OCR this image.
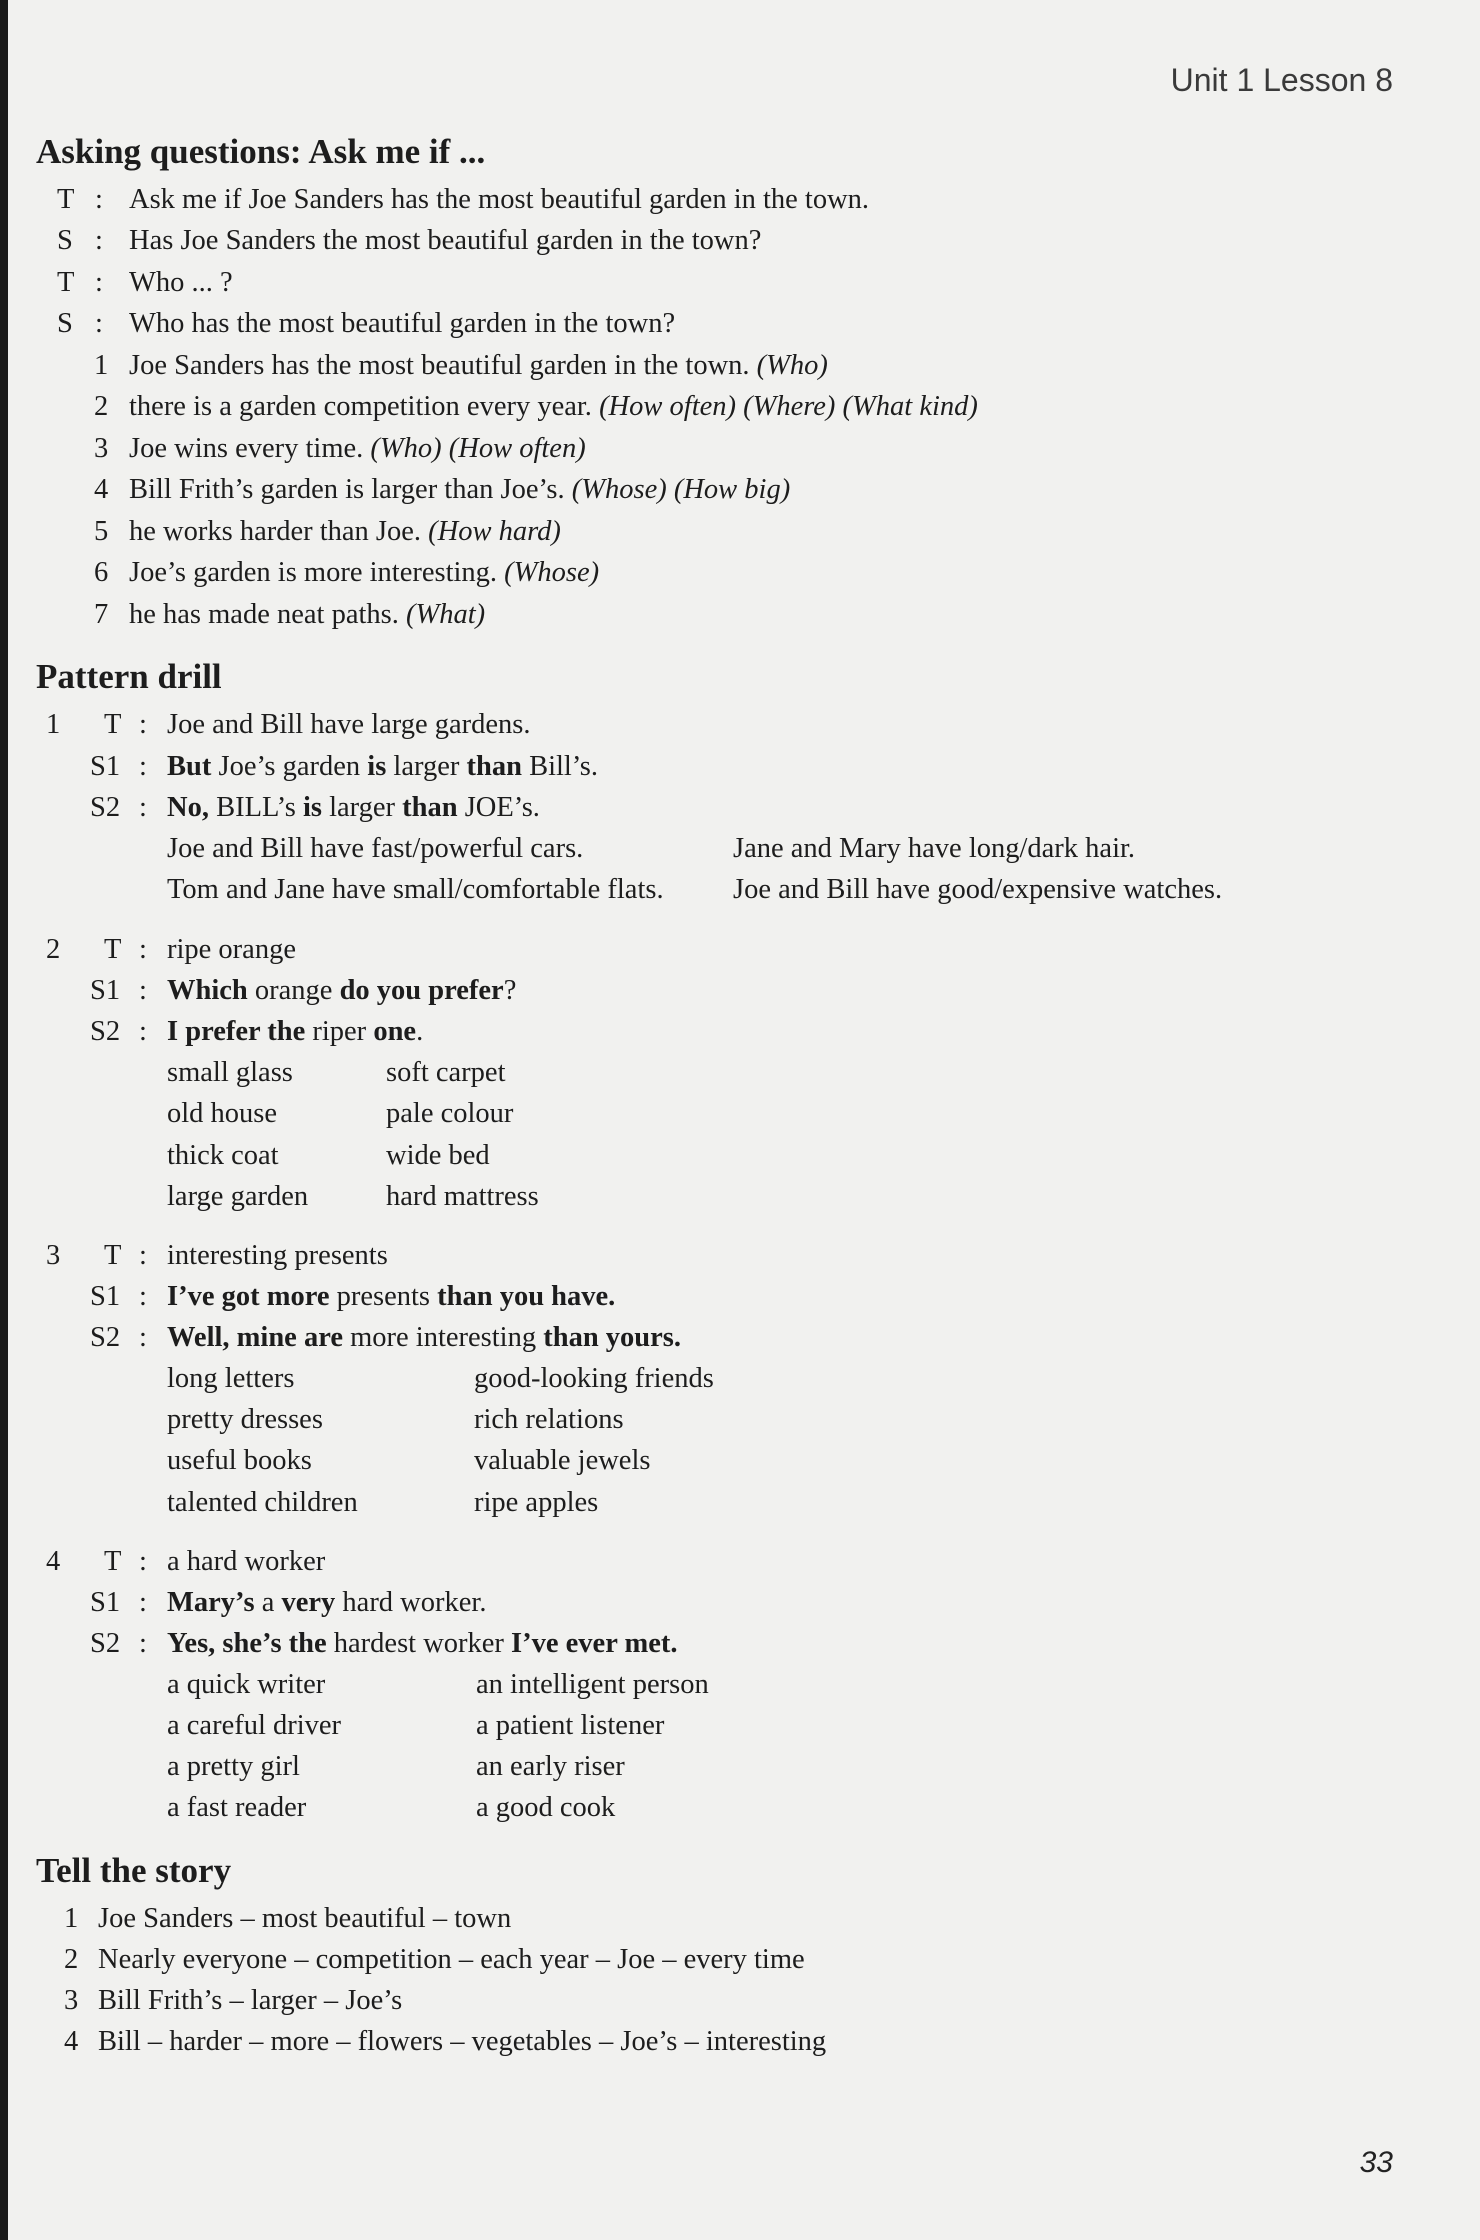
Unit 1 Lesson 8
Asking questions: Ask me if ...
T : Ask me if Joe Sanders has the most beautiful garden in the town.
S : Has Joe Sanders the most beautiful garden in the town?
T : Who ... ?
S : Who has the most beautiful garden in the town?
1 Joe Sanders has the most beautiful garden in the town. (Who)
2 there is a garden competition every year. (How often) (Where) (What kind)
3 Joe wins every time. (Who) (How often)
4 Bill Frith’s garden is larger than Joe’s. (Whose) (How big)
5 he works harder than Joe. (How hard)
6 Joe’s garden is more interesting. (Whose)
7 he has made neat paths. (What)
Pattern drill
1 T : Joe and Bill have large gardens.
S1 : But Joe’s garden is larger than Bill’s.
S2 : No, BILL’s is larger than JOE’s.
Joe and Bill have fast/powerful cars.	Jane and Mary have long/dark hair.
Tom and Jane have small/comfortable flats. Joe and Bill have good/expensive watches.
2 T : ripe orange
S1 : Which orange do you prefer?
S2 : I prefer the riper one.
small glass	soft carpet
old house	pale colour
thick coat	wide bed
large garden	hard mattress
3 T : interesting presents
S1 : I’ve got more presents than you have.
S2 : Well, mine are more interesting than yours.
long letters	good-looking friends
pretty dresses	rich relations
useful books	valuable jewels
talented children	ripe apples
4 T : a hard worker
S1 : Mary’s a very hard worker.
S2 : Yes, she’s the hardest worker I’ve ever met.
a quick writer	an intelligent person
a careful driver	a patient listener
a pretty girl	an early riser
a fast reader	a good cook
Tell the story
1 Joe Sanders – most beautiful – town
2 Nearly everyone – competition – each year – Joe – every time
3 Bill Frith’s – larger – Joe’s
4 Bill – harder – more – flowers – vegetables – Joe’s – interesting
33
